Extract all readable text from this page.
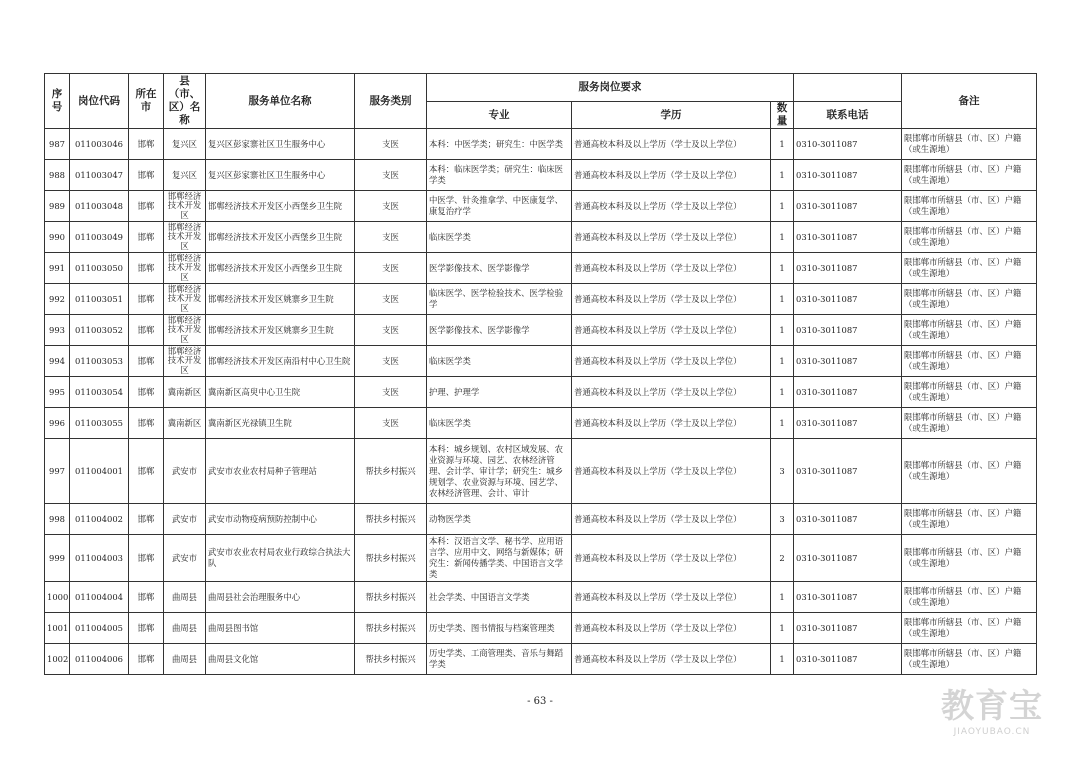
序号	岗位代码	所在市	县（市、区）名称	服务单位名称	服务类别	服务岗位要求				备注
						专业	学历	数量	联系电话	
987	011003046	邯郸	复兴区	复兴区彭家寨社区卫生服务中心	支医	本科：中医学类；研究生：中医学类	普通高校本科及以上学历（学士及以上学位）	1	0310-3011087	限邯郸市所辖县（市、区）户籍（或生源地）
988	011003047	邯郸	复兴区	复兴区彭家寨社区卫生服务中心	支医	本科：临床医学类；研究生：临床医学类	普通高校本科及以上学历（学士及以上学位）	1	0310-3011087	限邯郸市所辖县（市、区）户籍（或生源地）
989	011003048	邯郸	邯郸经济技术开发区	邯郸经济技术开发区小西堡乡卫生院	支医	中医学、针灸推拿学、中医康复学、康复治疗学	普通高校本科及以上学历（学士及以上学位）	1	0310-3011087	限邯郸市所辖县（市、区）户籍（或生源地）
990	011003049	邯郸	邯郸经济技术开发区	邯郸经济技术开发区小西堡乡卫生院	支医	临床医学类	普通高校本科及以上学历（学士及以上学位）	1	0310-3011087	限邯郸市所辖县（市、区）户籍（或生源地）
991	011003050	邯郸	邯郸经济技术开发区	邯郸经济技术开发区小西堡乡卫生院	支医	医学影像技术、医学影像学	普通高校本科及以上学历（学士及以上学位）	1	0310-3011087	限邯郸市所辖县（市、区）户籍（或生源地）
992	011003051	邯郸	邯郸经济技术开发区	邯郸经济技术开发区姚寨乡卫生院	支医	临床医学、医学检验技术、医学检验学	普通高校本科及以上学历（学士及以上学位）	1	0310-3011087	限邯郸市所辖县（市、区）户籍（或生源地）
993	011003052	邯郸	邯郸经济技术开发区	邯郸经济技术开发区姚寨乡卫生院	支医	医学影像技术、医学影像学	普通高校本科及以上学历（学士及以上学位）	1	0310-3011087	限邯郸市所辖县（市、区）户籍（或生源地）
994	011003053	邯郸	邯郸经济技术开发区	邯郸经济技术开发区南沿村中心卫生院	支医	临床医学类	普通高校本科及以上学历（学士及以上学位）	1	0310-3011087	限邯郸市所辖县（市、区）户籍（或生源地）
995	011003054	邯郸	冀南新区	冀南新区高臾中心卫生院	支医	护理、护理学	普通高校本科及以上学历（学士及以上学位）	1	0310-3011087	限邯郸市所辖县（市、区）户籍（或生源地）
996	011003055	邯郸	冀南新区	冀南新区光禄镇卫生院	支医	临床医学类	普通高校本科及以上学历（学士及以上学位）	1	0310-3011087	限邯郸市所辖县（市、区）户籍（或生源地）
997	011004001	邯郸	武安市	武安市农业农村局种子管理站	帮扶乡村振兴	本科：城乡规划、农村区域发展、农业资源与环境、园艺、农林经济管理、会计学、审计学；研究生：城乡规划学、农业资源与环境、园艺学、农林经济管理、会计、审计	普通高校本科及以上学历（学士及以上学位）	3	0310-3011087	限邯郸市所辖县（市、区）户籍（或生源地）
998	011004002	邯郸	武安市	武安市动物疫病预防控制中心	帮扶乡村振兴	动物医学类	普通高校本科及以上学历（学士及以上学位）	3	0310-3011087	限邯郸市所辖县（市、区）户籍（或生源地）
999	011004003	邯郸	武安市	武安市农业农村局农业行政综合执法大队	帮扶乡村振兴	本科：汉语言文学、秘书学、应用语言学、应用中文、网络与新媒体；研究生：新闻传播学类、中国语言文学类	普通高校本科及以上学历（学士及以上学位）	2	0310-3011087	限邯郸市所辖县（市、区）户籍（或生源地）
1000	011004004	邯郸	曲周县	曲周县社会治理服务中心	帮扶乡村振兴	社会学类、中国语言文学类	普通高校本科及以上学历（学士及以上学位）	1	0310-3011087	限邯郸市所辖县（市、区）户籍（或生源地）
1001	011004005	邯郸	曲周县	曲周县图书馆	帮扶乡村振兴	历史学类、图书情报与档案管理类	普通高校本科及以上学历（学士及以上学位）	1	0310-3011087	限邯郸市所辖县（市、区）户籍（或生源地）
1002	011004006	邯郸	曲周县	曲周县文化馆	帮扶乡村振兴	历史学类、工商管理类、音乐与舞蹈学类	普通高校本科及以上学历（学士及以上学位）	1	0310-3011087	限邯郸市所辖县（市、区）户籍（或生源地）
- 63 -	教育宝
JIAOYUBAO.CN
